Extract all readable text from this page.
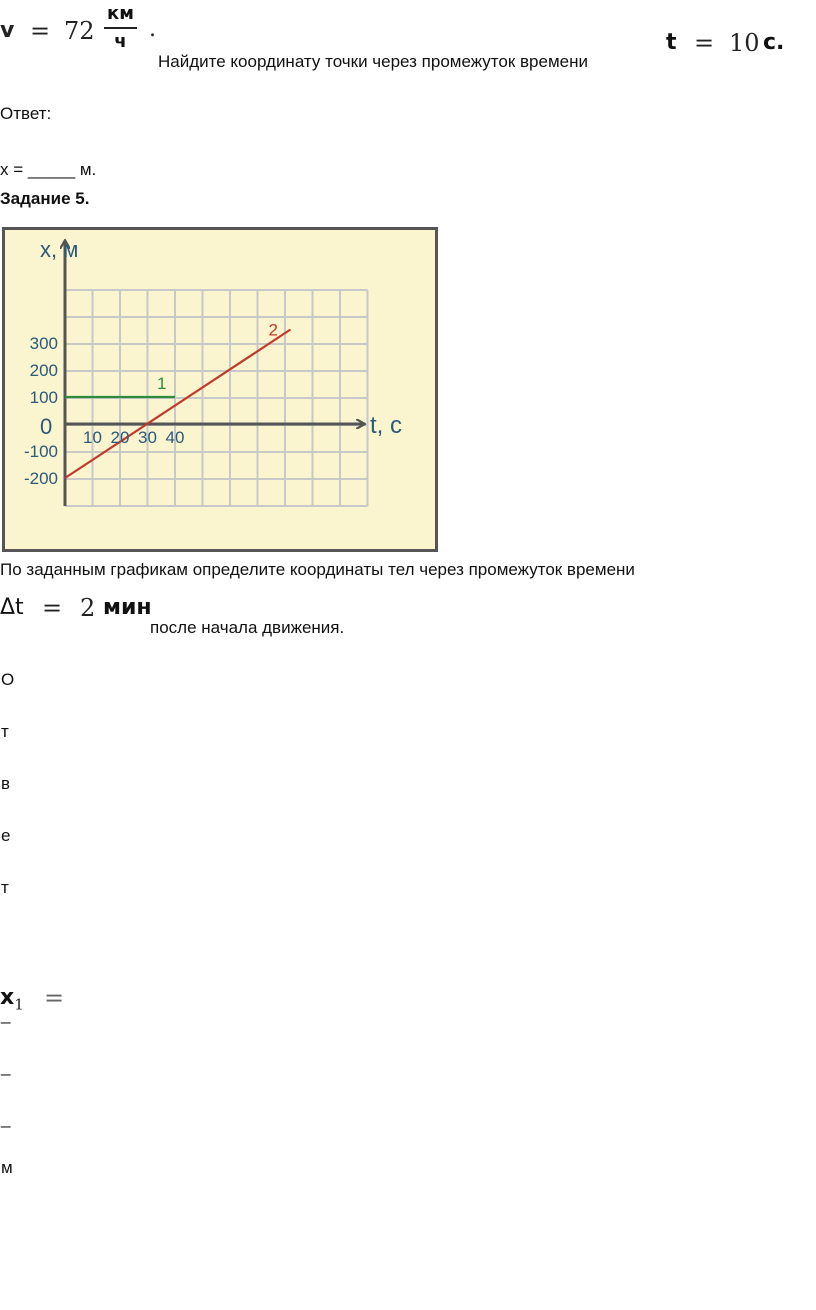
v = 72
км
ч	.
Найдите координату точки через промежуток времени
t = 10 с.
Ответ:
x = _____ м.
Задание 5.
x, м
t, с
0 10 20 30 40
300
200
100
-100
-200
1
2
По заданным графикам определите координаты тел через промежуток времени
Δt = 2 мин
после начала движения.
О
т
в
е
т
$x_1$ =
_
_
_
м
